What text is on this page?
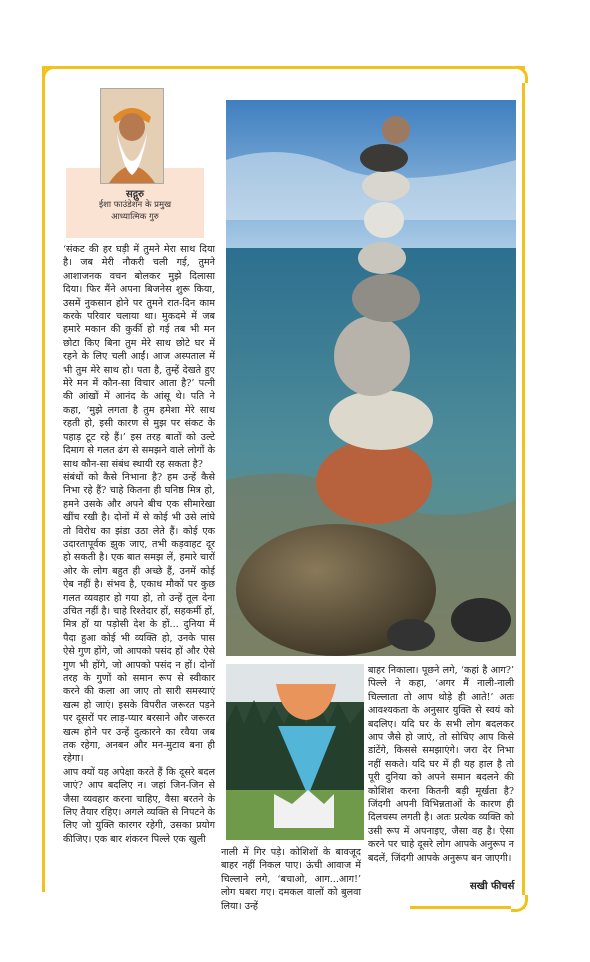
सद्गुरु
ईशा फाउंडेशन के प्रमुख
आध्यात्मिक गुरु

‘संकट की हर घड़ी में तुमने मेरा साथ दिया है। जब मेरी नौकरी चली गई, तुमने आशाजनक वचन बोलकर मुझे दिलासा दिया। फिर मैंने अपना बिजनेस शुरू किया, उसमें नुकसान होने पर तुमने रात-दिन काम करके परिवार चलाया था। मुकदमे में जब हमारे मकान की कुर्की हो गई तब भी मन छोटा किए बिना तुम मेरे साथ छोटे घर में रहने के लिए चली आईं। आज अस्पताल में भी तुम मेरे साथ हो। पता है, तुम्हें देखते हुए मेरे मन में कौन-सा विचार आता है?’ पत्नी की आंखों में आनंद के आंसू थे। पति ने कहा, ‘मुझे लगता है तुम हमेशा मेरे साथ रहती हो, इसी कारण से मुझ पर संकट के पहाड़ टूट रहे हैं।’ इस तरह बातों को उल्टे दिमाग से गलत ढंग से समझने वाले लोगों के साथ कौन-सा संबंध स्थायी रह सकता है?

संबंधों को कैसे निभाना है? हम उन्हें कैसे निभा रहे हैं? चाहे कितना ही घनिष्ठ मित्र हो, हमने उसके और अपने बीच एक सीमारेखा खींच रखी है। दोनों में से कोई भी उसे लांघे तो विरोध का झंडा उठा लेते हैं। कोई एक उदारतापूर्वक झुक जाए, तभी कड़वाहट दूर हो सकती है। एक बात समझ लें, हमारे चारों ओर के लोग बहुत ही अच्छे हैं, उनमें कोई ऐब नहीं है। संभव है, एकाध मौकों पर कुछ गलत व्यवहार हो गया हो, तो उन्हें तूल देना उचित नहीं है। चाहे रिश्तेदार हों, सहकर्मी हों, मित्र हों या पड़ोसी देश के हों... दुनिया में पैदा हुआ कोई भी व्यक्ति हो, उनके पास ऐसे गुण होंगे, जो आपको पसंद हों और ऐसे गुण भी होंगे, जो आपको पसंद न हों। दोनों तरह के गुणों को समान रूप से स्वीकार करने की कला आ जाए तो सारी समस्याएं खत्म हो जाएं। इसके विपरीत जरूरत पड़ने पर दूसरों पर लाड़-प्यार बरसाने और जरूरत खत्म होने पर उन्हें दुत्कारने का रवैया जब तक रहेगा, अनबन और मन-मुटाव बना ही रहेगा।

आप क्यों यह अपेक्षा करते हैं कि दूसरे बदल जाएं? आप बदलिए न। जहां जिन-जिन से जैसा व्यवहार करना चाहिए, वैसा बरतने के लिए तैयार रहिए। अगले व्यक्ति से निपटने के लिए जो युक्ति कारगर रहेगी, उसका प्रयोग कीजिए। एक बार शंकरन पिल्ले एक खुली

नाली में गिर पड़े। कोशिशों के बावजूद बाहर नहीं निकल पाए। ऊंची आवाज में चिल्लाने लगे, ‘बचाओ, आग...आग!’ लोग घबरा गए। दमकल वालों को बुलवा लिया। उन्हें

बाहर निकाला। पूछने लगे, ‘कहां है आग?’ पिल्ले ने कहा, ‘अगर मैं नाली-नाली चिल्लाता तो आप थोड़े ही आते!’ अतः आवश्यकता के अनुसार युक्ति से स्वयं को बदलिए। यदि घर के सभी लोग बदलकर आप जैसे हो जाएं, तो सोचिए आप किसे डांटेंगे, किससे समझाएंगे। जरा देर निभा नहीं सकते। यदि घर में ही यह हाल है तो पूरी दुनिया को अपने समान बदलने की कोशिश करना कितनी बड़ी मूर्खता है? जिंदगी अपनी विभिन्नताओं के कारण ही दिलचस्प लगती है। अतः प्रत्येक व्यक्ति को उसी रूप में अपनाइए, जैसा वह है। ऐसा करने पर चाहे दूसरे लोग आपके अनुरूप न बदलें, जिंदगी आपके अनुरूप बन जाएगी।

सखी फीचर्स
